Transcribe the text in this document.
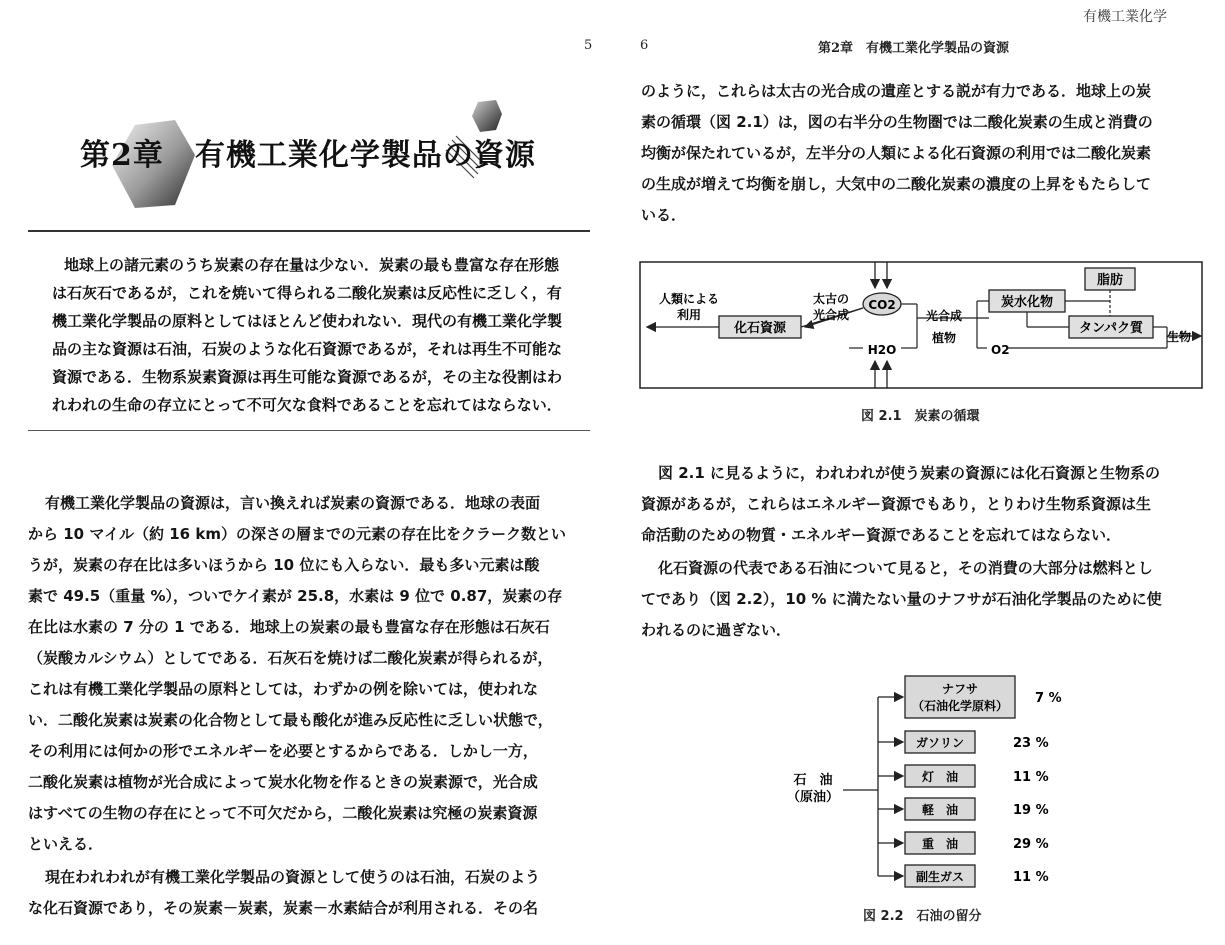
有機工業化学
5
第2章　有機工業化学製品の資源
地球上の諸元素のうち炭素の存在量は少ない．炭素の最も豊富な存在形態
は石灰石であるが，これを焼いて得られる二酸化炭素は反応性に乏しく，有
機工業化学製品の原料としてはほとんど使われない．現代の有機工業化学製
品の主な資源は石油，石炭のような化石資源であるが，それは再生不可能な
資源である．生物系炭素資源は再生可能な資源であるが，その主な役割はわ
れわれの生命の存立にとって不可欠な食料であることを忘れてはならない．
有機工業化学製品の資源は，言い換えれば炭素の資源である．地球の表面
から 10 マイル（約 16 km）の深さの層までの元素の存在比をクラーク数とい
うが，炭素の存在比は多いほうから 10 位にも入らない．最も多い元素は酸
素で 49.5（重量 %），ついでケイ素が 25.8，水素は 9 位で 0.87，炭素の存
在比は水素の 7 分の 1 である．地球上の炭素の最も豊富な存在形態は石灰石
（炭酸カルシウム）としてである．石灰石を焼けば二酸化炭素が得られるが，
これは有機工業化学製品の原料としては，わずかの例を除いては，使われな
い．二酸化炭素は炭素の化合物として最も酸化が進み反応性に乏しい状態で，
その利用には何かの形でエネルギーを必要とするからである．しかし一方，
二酸化炭素は植物が光合成によって炭水化物を作るときの炭素源で，光合成
はすべての生物の存在にとって不可欠だから，二酸化炭素は究極の炭素資源
といえる．
現在われわれが有機工業化学製品の資源として使うのは石油，石炭のよう
な化石資源であり，その炭素－炭素，炭素－水素結合が利用される．その名
6	第2章　有機工業化学製品の資源
のように，これらは太古の光合成の遺産とする説が有力である．地球上の炭
素の循環（図 2.1）は，図の右半分の生物圏では二酸化炭素の生成と消費の
均衡が保たれているが，左半分の人類による化石資源の利用では二酸化炭素
の生成が増えて均衡を崩し，大気中の二酸化炭素の濃度の上昇をもたらして
いる．
CO2
化石資源
人類による
利用
太古の
光合成
H2O
光合成
植物
炭水化物
O2
脂肪
タンパク質
生物
図 2.1　炭素の循環
図 2.1 に見るように，われわれが使う炭素の資源には化石資源と生物系の
資源があるが，これらはエネルギー資源でもあり，とりわけ生物系資源は生
命活動のための物質・エネルギー資源であることを忘れてはならない．
化石資源の代表である石油について見ると，その消費の大部分は燃料とし
てであり（図 2.2），10 % に満たない量のナフサが石油化学製品のために使
われるのに過ぎない．
石　油
（原油）
ナフサ
（石油化学原料） 7 %
ガソリン	23 %
灯　油	11 %
軽　油	19 %
重　油	29 %
副生ガス	11 %
図 2.2　石油の留分
